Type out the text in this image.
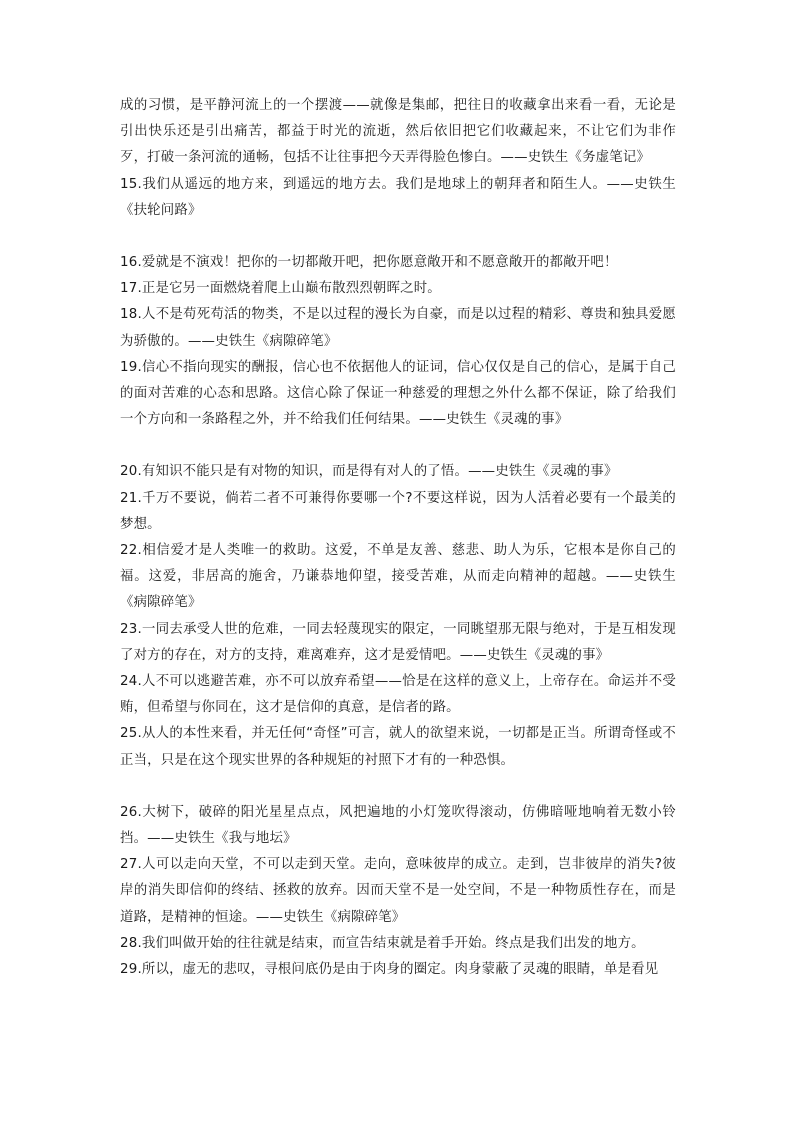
成的习惯，是平静河流上的一个摆渡——就像是集邮，把往日的收藏拿出来看一看，无论是引出快乐还是引出痛苦，都益于时光的流逝，然后依旧把它们收藏起来，不让它们为非作歹，打破一条河流的通畅，包括不让往事把今天弄得脸色惨白。——史铁生《务虚笔记》

15.我们从遥远的地方来，到遥远的地方去。我们是地球上的朝拜者和陌生人。——史铁生《扶轮问路》

16.爱就是不演戏！把你的一切都敞开吧，把你愿意敞开和不愿意敞开的都敞开吧！

17.正是它另一面燃烧着爬上山巅布散烈烈朝晖之时。

18.人不是苟死苟活的物类，不是以过程的漫长为自豪，而是以过程的精彩、尊贵和独具爱愿为骄傲的。——史铁生《病隙碎笔》

19.信心不指向现实的酬报，信心也不依据他人的证词，信心仅仅是自己的信心，是属于自己的面对苦难的心态和思路。这信心除了保证一种慈爱的理想之外什么都不保证，除了给我们一个方向和一条路程之外，并不给我们任何结果。——史铁生《灵魂的事》

20.有知识不能只是有对物的知识，而是得有对人的了悟。——史铁生《灵魂的事》

21.千万不要说，倘若二者不可兼得你要哪一个?不要这样说，因为人活着必要有一个最美的梦想。

22.相信爱才是人类唯一的救助。这爱，不单是友善、慈悲、助人为乐，它根本是你自己的福。这爱，非居高的施舍，乃谦恭地仰望，接受苦难，从而走向精神的超越。——史铁生《病隙碎笔》

23.一同去承受人世的危难，一同去轻蔑现实的限定，一同眺望那无限与绝对，于是互相发现了对方的存在，对方的支持，难离难弃，这才是爱情吧。——史铁生《灵魂的事》

24.人不可以逃避苦难，亦不可以放弃希望——恰是在这样的意义上，上帝存在。命运并不受贿，但希望与你同在，这才是信仰的真意，是信者的路。

25.从人的本性来看，并无任何“奇怪”可言，就人的欲望来说，一切都是正当。所谓奇怪或不正当，只是在这个现实世界的各种规矩的衬照下才有的一种恐惧。

26.大树下，破碎的阳光星星点点，风把遍地的小灯笼吹得滚动，仿佛暗哑地响着无数小铃挡。——史铁生《我与地坛》

27.人可以走向天堂，不可以走到天堂。走向，意味彼岸的成立。走到，岂非彼岸的消失?彼岸的消失即信仰的终结、拯救的放弃。因而天堂不是一处空间，不是一种物质性存在，而是道路，是精神的恒途。——史铁生《病隙碎笔》

28.我们叫做开始的往往就是结束，而宣告结束就是着手开始。终点是我们出发的地方。

29.所以，虚无的悲叹，寻根问底仍是由于肉身的圈定。肉身蒙蔽了灵魂的眼睛，单是看见
